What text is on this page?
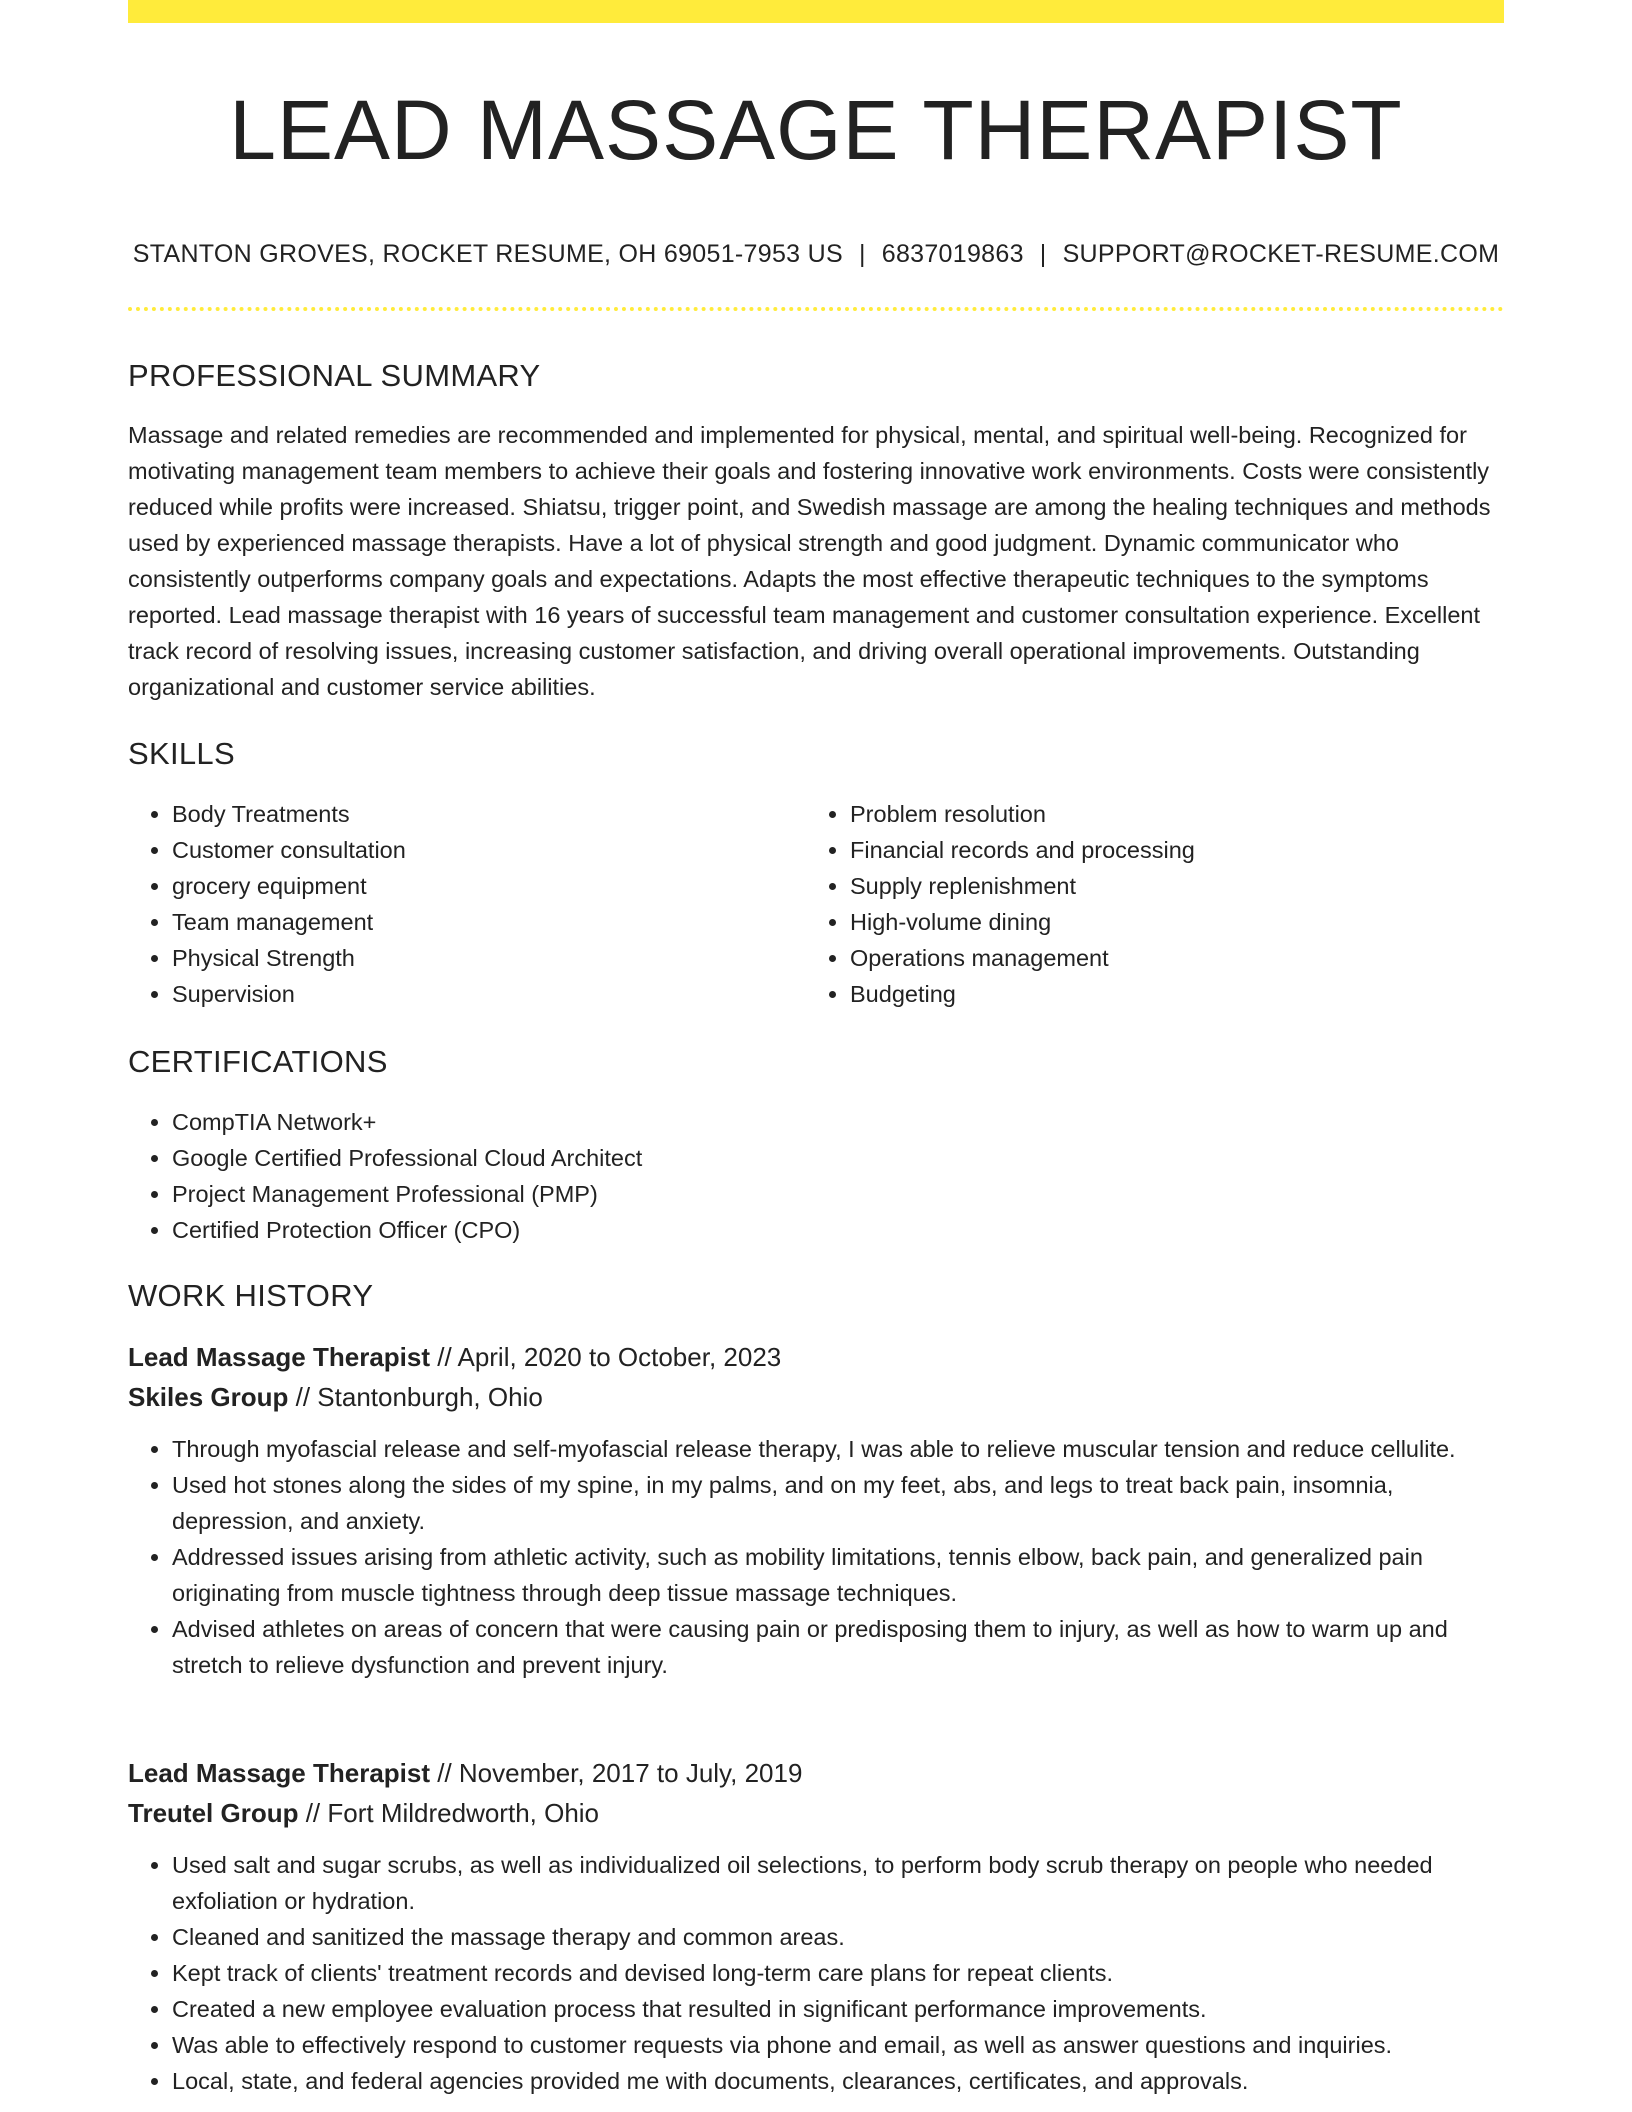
LEAD MASSAGE THERAPIST
STANTON GROVES, ROCKET RESUME, OH 69051-7953 US | 6837019863 | SUPPORT@ROCKET-RESUME.COM
PROFESSIONAL SUMMARY
Massage and related remedies are recommended and implemented for physical, mental, and spiritual well-being. Recognized for motivating management team members to achieve their goals and fostering innovative work environments. Costs were consistently reduced while profits were increased. Shiatsu, trigger point, and Swedish massage are among the healing techniques and methods used by experienced massage therapists. Have a lot of physical strength and good judgment. Dynamic communicator who consistently outperforms company goals and expectations. Adapts the most effective therapeutic techniques to the symptoms reported. Lead massage therapist with 16 years of successful team management and customer consultation experience. Excellent track record of resolving issues, increasing customer satisfaction, and driving overall operational improvements. Outstanding organizational and customer service abilities.
SKILLS
• Body Treatments
• Customer consultation
• grocery equipment
• Team management
• Physical Strength
• Supervision
• Problem resolution
• Financial records and processing
• Supply replenishment
• High-volume dining
• Operations management
• Budgeting
CERTIFICATIONS
• CompTIA Network+
• Google Certified Professional Cloud Architect
• Project Management Professional (PMP)
• Certified Protection Officer (CPO)
WORK HISTORY
Lead Massage Therapist // April, 2020 to October, 2023
Skiles Group // Stantonburgh, Ohio
• Through myofascial release and self-myofascial release therapy, I was able to relieve muscular tension and reduce cellulite.
• Used hot stones along the sides of my spine, in my palms, and on my feet, abs, and legs to treat back pain, insomnia, depression, and anxiety.
• Addressed issues arising from athletic activity, such as mobility limitations, tennis elbow, back pain, and generalized pain originating from muscle tightness through deep tissue massage techniques.
• Advised athletes on areas of concern that were causing pain or predisposing them to injury, as well as how to warm up and stretch to relieve dysfunction and prevent injury.
Lead Massage Therapist // November, 2017 to July, 2019
Treutel Group // Fort Mildredworth, Ohio
• Used salt and sugar scrubs, as well as individualized oil selections, to perform body scrub therapy on people who needed exfoliation or hydration.
• Cleaned and sanitized the massage therapy and common areas.
• Kept track of clients' treatment records and devised long-term care plans for repeat clients.
• Created a new employee evaluation process that resulted in significant performance improvements.
• Was able to effectively respond to customer requests via phone and email, as well as answer questions and inquiries.
• Local, state, and federal agencies provided me with documents, clearances, certificates, and approvals.
